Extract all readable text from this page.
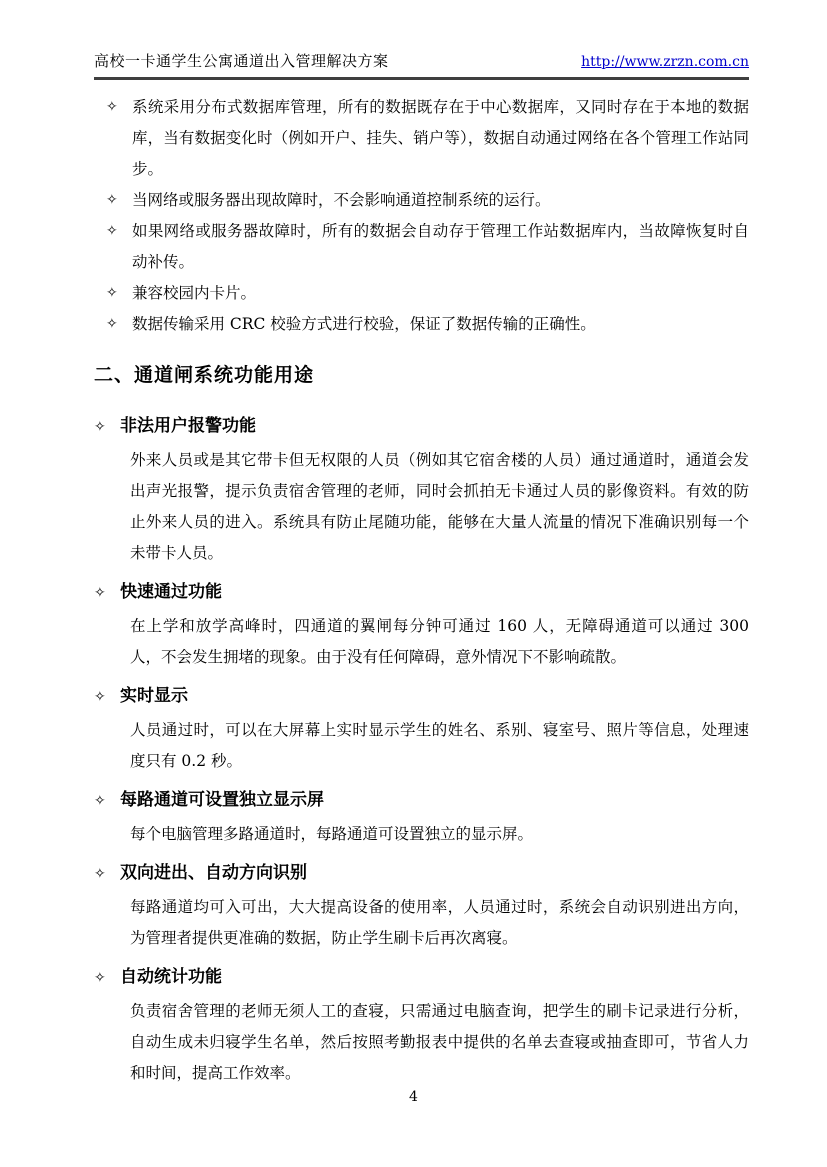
高校一卡通学生公寓通道出入管理解决方案	http://www.zrzn.com.cn
✧ 系统采用分布式数据库管理，所有的数据既存在于中心数据库，又同时存在于本地的数据库，当有数据变化时（例如开户、挂失、销户等），数据自动通过网络在各个管理工作站同步。
✧ 当网络或服务器出现故障时，不会影响通道控制系统的运行。
✧ 如果网络或服务器故障时，所有的数据会自动存于管理工作站数据库内，当故障恢复时自动补传。
✧ 兼容校园内卡片。
✧ 数据传输采用 CRC 校验方式进行校验，保证了数据传输的正确性。
二、通道闸系统功能用途
✧ 非法用户报警功能

外来人员或是其它带卡但无权限的人员（例如其它宿舍楼的人员）通过通道时，通道会发出声光报警，提示负责宿舍管理的老师，同时会抓拍无卡通过人员的影像资料。有效的防止外来人员的进入。系统具有防止尾随功能，能够在大量人流量的情况下准确识别每一个未带卡人员。

✧ 快速通过功能

在上学和放学高峰时，四通道的翼闸每分钟可通过 160 人，无障碍通道可以通过 300 人，不会发生拥堵的现象。由于没有任何障碍，意外情况下不影响疏散。

✧ 实时显示

人员通过时，可以在大屏幕上实时显示学生的姓名、系别、寝室号、照片等信息，处理速度只有 0.2 秒。

✧ 每路通道可设置独立显示屏

每个电脑管理多路通道时，每路通道可设置独立的显示屏。

✧ 双向进出、自动方向识别

每路通道均可入可出，大大提高设备的使用率，人员通过时，系统会自动识别进出方向，为管理者提供更准确的数据，防止学生刷卡后再次离寝。

✧ 自动统计功能

负责宿舍管理的老师无须人工的查寝，只需通过电脑查询，把学生的刷卡记录进行分析，自动生成未归寝学生名单，然后按照考勤报表中提供的名单去查寝或抽查即可，节省人力和时间，提高工作效率。

4
